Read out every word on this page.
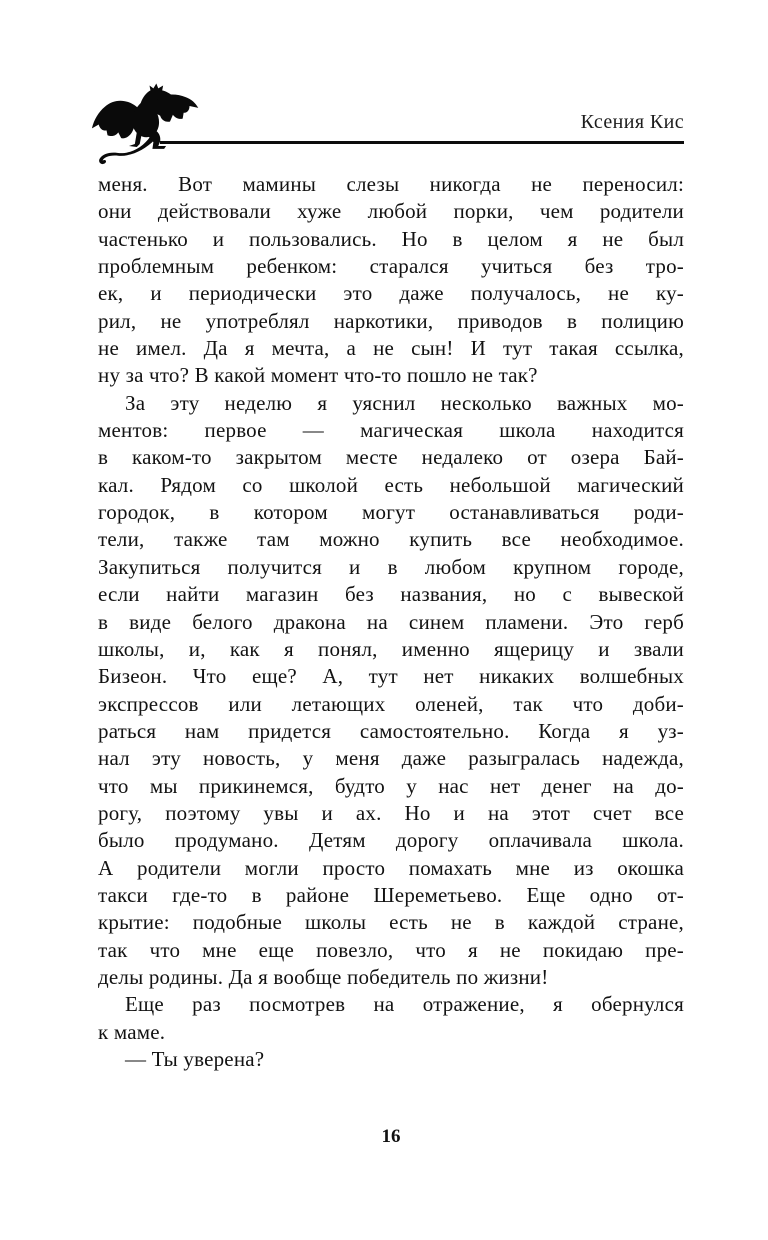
Ксения Кис
меня. Вот мамины слезы никогда не переносил:
они действовали хуже любой порки, чем родители
частенько и пользовались. Но в целом я не был
проблемным ребенком: старался учиться без тро-
ек, и периодически это даже получалось, не ку-
рил, не употреблял наркотики, приводов в полицию
не имел. Да я мечта, а не сын! И тут такая ссылка,
ну за что? В какой момент что-то пошло не так?
За эту неделю я уяснил несколько важных мо-
ментов: первое — магическая школа находится
в каком-то закрытом месте недалеко от озера Бай-
кал. Рядом со школой есть небольшой магический
городок, в котором могут останавливаться роди-
тели, также там можно купить все необходимое.
Закупиться получится и в любом крупном городе,
если найти магазин без названия, но с вывеской
в виде белого дракона на синем пламени. Это герб
школы, и, как я понял, именно ящерицу и звали
Бизеон. Что еще? А, тут нет никаких волшебных
экспрессов или летающих оленей, так что доби-
раться нам придется самостоятельно. Когда я уз-
нал эту новость, у меня даже разыгралась надежда,
что мы прикинемся, будто у нас нет денег на до-
рогу, поэтому увы и ах. Но и на этот счет все
было продумано. Детям дорогу оплачивала школа.
А родители могли просто помахать мне из окошка
такси где-то в районе Шереметьево. Еще одно от-
крытие: подобные школы есть не в каждой стране,
так что мне еще повезло, что я не покидаю пре-
делы родины. Да я вообще победитель по жизни!
Еще раз посмотрев на отражение, я обернулся
к маме.
— Ты уверена?
16
